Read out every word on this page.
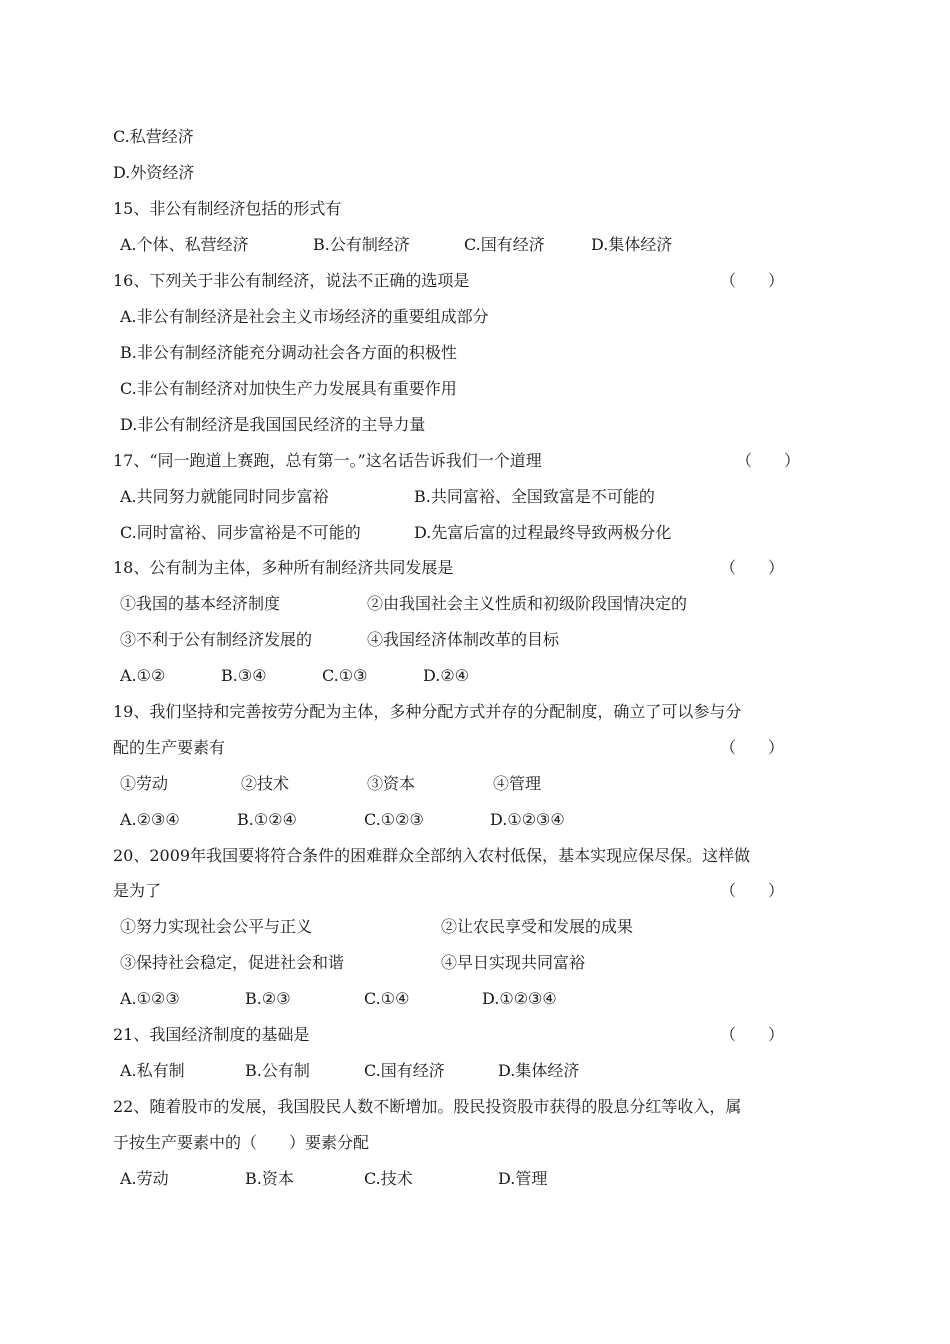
C.私营经济
D.外资经济
15、非公有制经济包括的形式有
A.个体、私营经济	B.公有制经济	C.国有经济	D.集体经济
16、下列关于非公有制经济，说法不正确的选项是	（　　）
A.非公有制经济是社会主义市场经济的重要组成部分
B.非公有制经济能充分调动社会各方面的积极性
C.非公有制经济对加快生产力发展具有重要作用
D.非公有制经济是我国国民经济的主导力量
17、“同一跑道上赛跑，总有第一。”这名话告诉我们一个道理	（　　）
A.共同努力就能同时同步富裕	B.共同富裕、全国致富是不可能的
C.同时富裕、同步富裕是不可能的	D.先富后富的过程最终导致两极分化
18、公有制为主体，多种所有制经济共同发展是	（　　）
①我国的基本经济制度	②由我国社会主义性质和初级阶段国情决定的
③不利于公有制经济发展的	④我国经济体制改革的目标
A.①②	B.③④	C.①③	D.②④
19、我们坚持和完善按劳分配为主体，多种分配方式并存的分配制度，确立了可以参与分
配的生产要素有	（　　）
①劳动	②技术	③资本	④管理
A.②③④	B.①②④	C.①②③	D.①②③④
20、2009年我国要将符合条件的困难群众全部纳入农村低保，基本实现应保尽保。这样做
是为了	（　　）
①努力实现社会公平与正义	②让农民享受和发展的成果
③保持社会稳定，促进社会和谐	④早日实现共同富裕
A.①②③	B.②③	C.①④	D.①②③④
21、我国经济制度的基础是	（　　）
A.私有制	B.公有制	C.国有经济	D.集体经济
22、随着股市的发展，我国股民人数不断增加。股民投资股市获得的股息分红等收入，属
于按生产要素中的（　　）要素分配
A.劳动	B.资本	C.技术	D.管理
